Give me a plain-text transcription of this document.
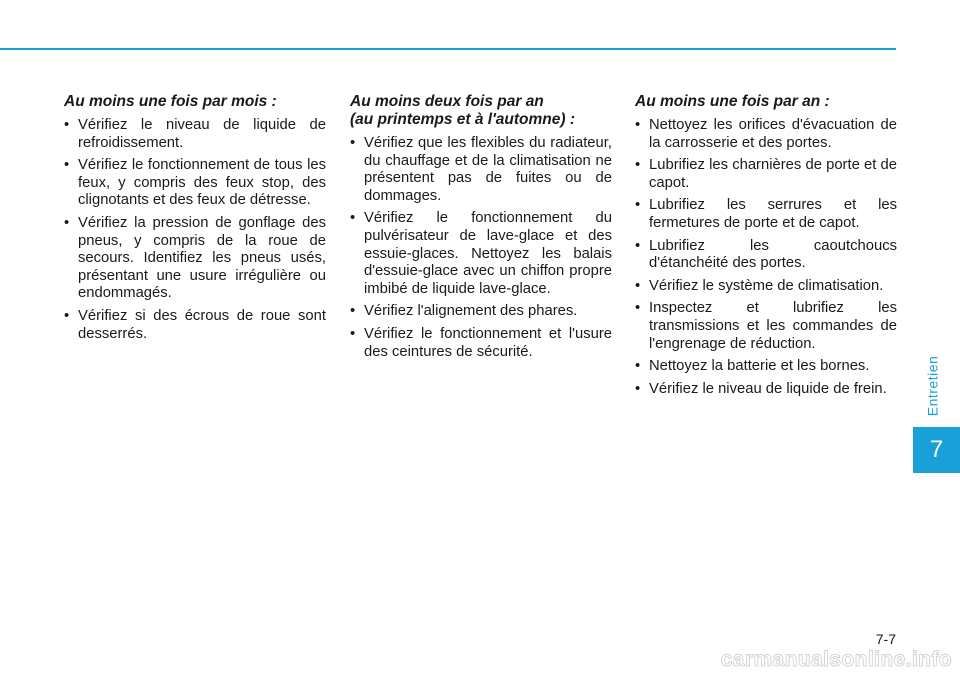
Au moins une fois par mois :
• Vérifiez le niveau de liquide de refroidissement.
• Vérifiez le fonctionnement de tous les feux, y compris des feux stop, des clignotants et des feux de détresse.
• Vérifiez la pression de gonflage des pneus, y compris de la roue de secours. Identifiez les pneus usés, présentant une usure irrégulière ou endommagés.
• Vérifiez si des écrous de roue sont desserrés.
Au moins deux fois par an
(au printemps et à l'automne) :
• Vérifiez que les flexibles du radiateur, du chauffage et de la climatisation ne présentent pas de fuites ou de dommages.
• Vérifiez le fonctionnement du pulvérisateur de lave-glace et des essuie-glaces. Nettoyez les balais d'essuie-glace avec un chiffon propre imbibé de liquide lave-glace.
• Vérifiez l'alignement des phares.
• Vérifiez le fonctionnement et l'usure des ceintures de sécurité.
Au moins une fois par an :
• Nettoyez les orifices d'évacuation de la carrosserie et des portes.
• Lubrifiez les charnières de porte et de capot.
• Lubrifiez les serrures et les fermetures de porte et de capot.
• Lubrifiez les caoutchoucs d'étanchéité des portes.
• Vérifiez le système de climatisation.
• Inspectez et lubrifiez les transmissions et les commandes de l'engrenage de réduction.
• Nettoyez la batterie et les bornes.
• Vérifiez le niveau de liquide de frein.	Entretien
7
7-7
carmanualsonline.info
